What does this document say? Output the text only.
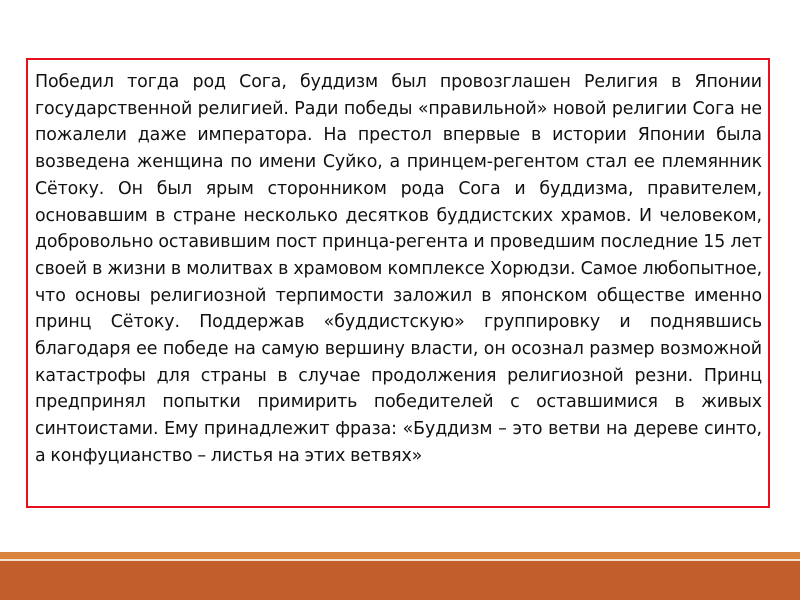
Победил тогда род Сога, буддизм был провозглашен Религия в Японии государственной религией. Ради победы «правильной» новой религии Сога не пожалели даже императора. На престол впервые в истории Японии была возведена женщина по имени Суйко, а принцем-регентом стал ее племянник Сётоку. Он был ярым сторонником рода Сога и буддизма, правителем, основавшим в стране несколько десятков буддистских храмов. И человеком, добровольно оставившим пост принца-регента и проведшим последние 15 лет своей в жизни в молитвах в храмовом комплексе Хорюдзи. Самое любопытное, что основы религиозной терпимости заложил в японском обществе именно принц Сётоку. Поддержав «буддистскую» группировку и поднявшись благодаря ее победе на самую вершину власти, он осознал размер возможной катастрофы для страны в случае продолжения религиозной резни. Принц предпринял попытки примирить победителей с оставшимися в живых синтоистами. Ему принадлежит фраза: «Буддизм – это ветви на дереве синто, а конфуцианство – листья на этих ветвях»
